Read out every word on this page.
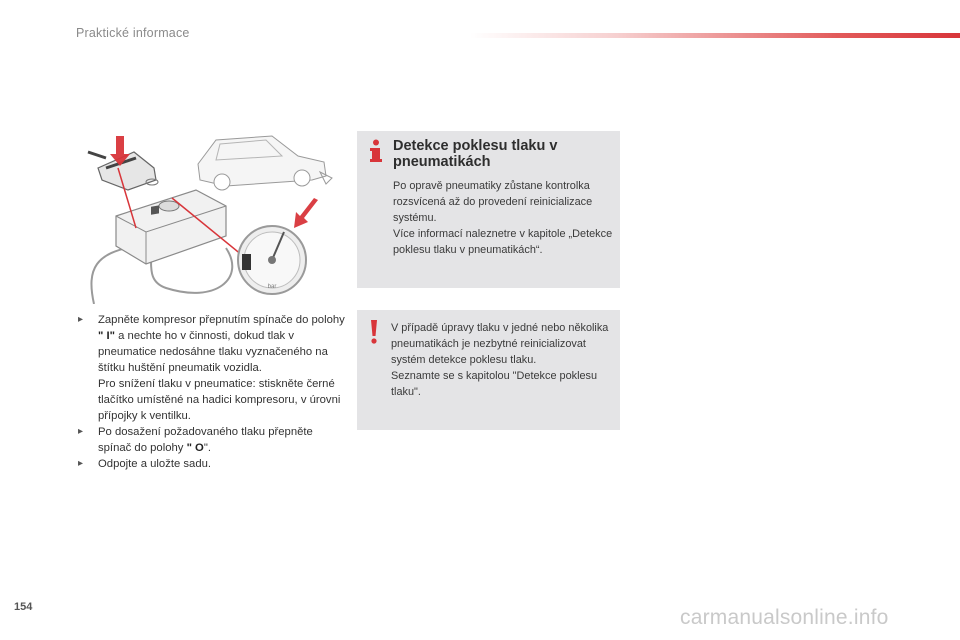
Praktické informace
bar
▸ Zapněte kompresor přepnutím spínače do polohy " I" a nechte ho v činnosti, dokud tlak v pneumatice nedosáhne tlaku vyznačeného na štítku huštění pneumatik vozidla.
Pro snížení tlaku v pneumatice: stiskněte černé tlačítko umístěné na hadici kompresoru, v úrovni přípojky k ventilku.
▸ Po dosažení požadovaného tlaku přepněte spínač do polohy " O".
▸ Odpojte a uložte sadu.
Detekce poklesu tlaku v pneumatikách

Po opravě pneumatiky zůstane kontrolka rozsvícená až do provedení reinicializace systému.

Více informací naleznetre v kapitole „Detekce poklesu tlaku v pneumatikách“.

V případě úpravy tlaku v jedné nebo několika pneumatikách je nezbytné reinicializovat systém detekce poklesu tlaku.

Seznamte se s kapitolou "Detekce poklesu tlaku".

154	carmanualsonline.info
